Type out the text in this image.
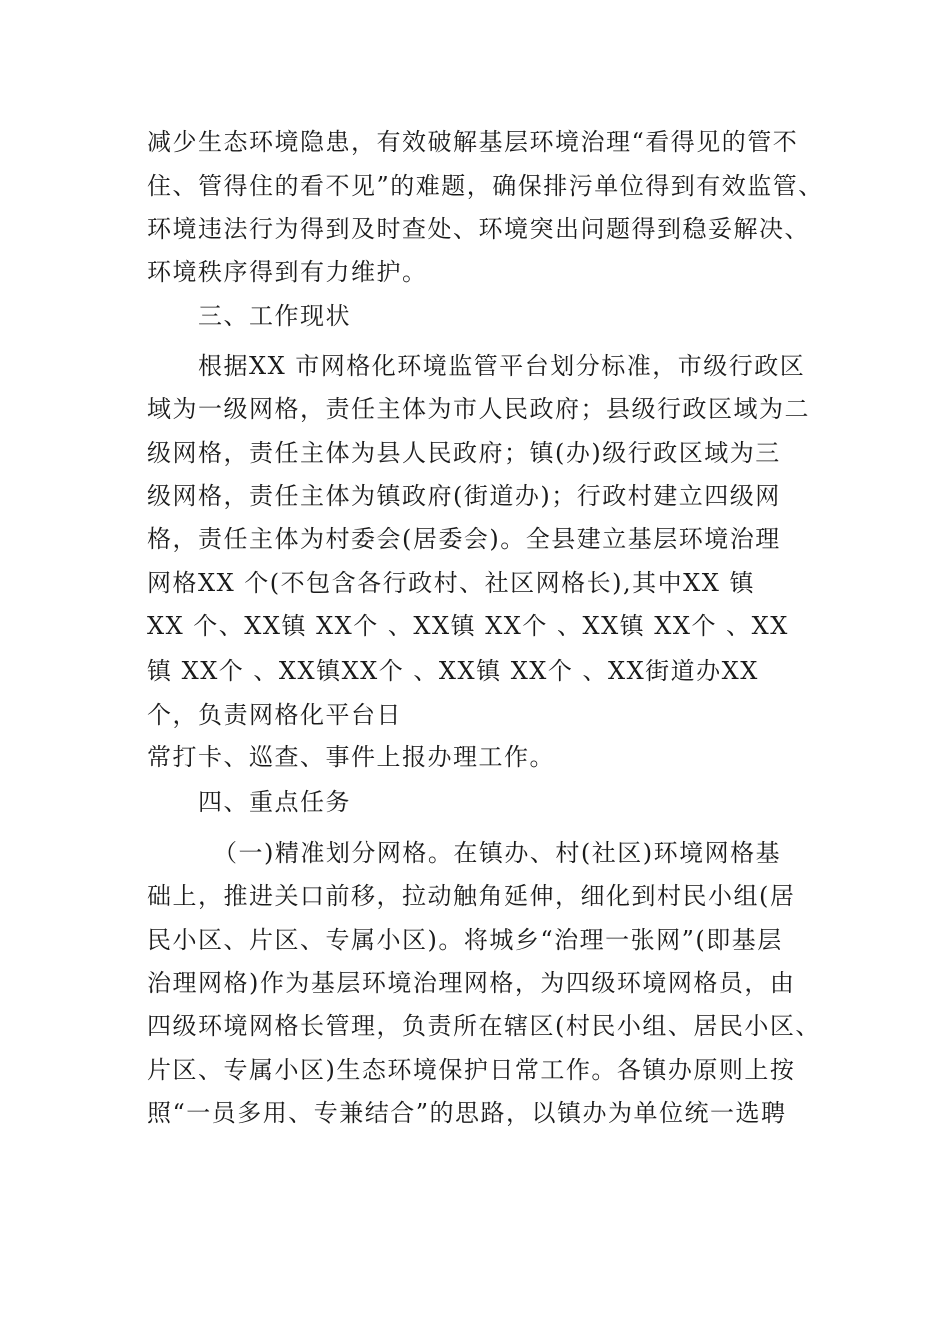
减少生态环境隐患，有效破解基层环境治理“看得见的管不
住、管得住的看不见”的难题，确保排污单位得到有效监管、
环境违法行为得到及时查处、环境突出问题得到稳妥解决、
环境秩序得到有力维护。
三、工作现状
根据XX 市网格化环境监管平台划分标准，市级行政区
域为一级网格，责任主体为市人民政府；县级行政区域为二
级网格，责任主体为县人民政府；镇(办)级行政区域为三
级网格，责任主体为镇政府(街道办)；行政村建立四级网
格，责任主体为村委会(居委会)。全县建立基层环境治理
网格XX 个(不包含各行政村、社区网格长),其中XX 镇
XX 个、XX镇 XX个 、XX镇 XX个 、XX镇 XX个 、XX
镇 XX个 、XX镇XX个 、XX镇 XX个 、XX街道办XX
个，负责网格化平台日
常打卡、巡查、事件上报办理工作。
四、重点任务
（一)精准划分网格。在镇办、村(社区)环境网格基
础上，推进关口前移，拉动触角延伸，细化到村民小组(居
民小区、片区、专属小区)。将城乡“治理一张网”(即基层
治理网格)作为基层环境治理网格，为四级环境网格员，由
四级环境网格长管理，负责所在辖区(村民小组、居民小区、
片区、专属小区)生态环境保护日常工作。各镇办原则上按
照“一员多用、专兼结合”的思路，以镇办为单位统一选聘
